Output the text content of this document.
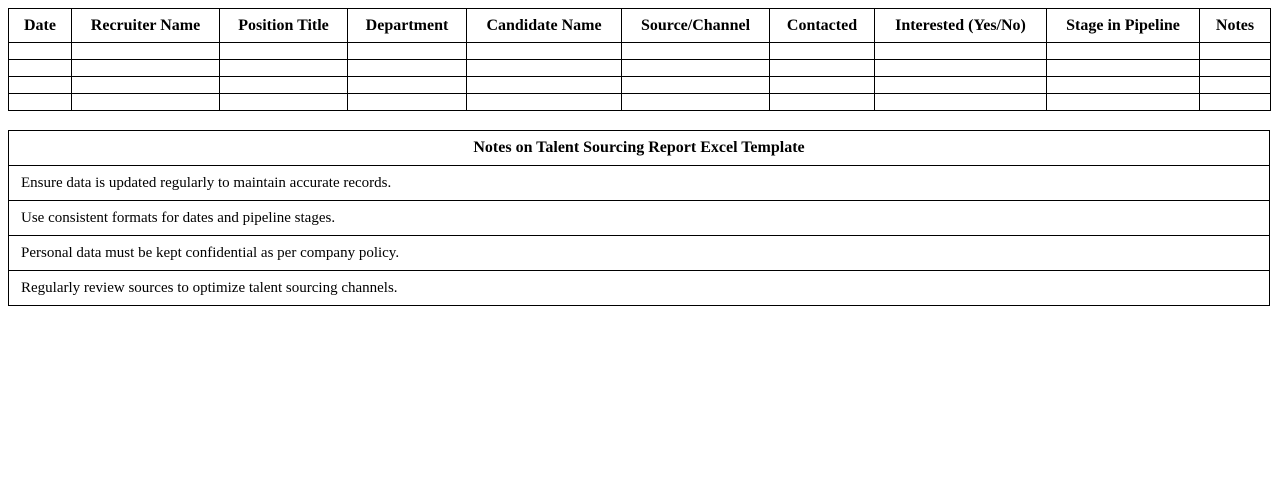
Date	Recruiter Name	Position Title	Department	Candidate Name	Source/Channel	Contacted	Interested (Yes/No)	Stage in Pipeline	Notes

Notes on Talent Sourcing Report Excel Template
Ensure data is updated regularly to maintain accurate records.
Use consistent formats for dates and pipeline stages.
Personal data must be kept confidential as per company policy.
Regularly review sources to optimize talent sourcing channels.
